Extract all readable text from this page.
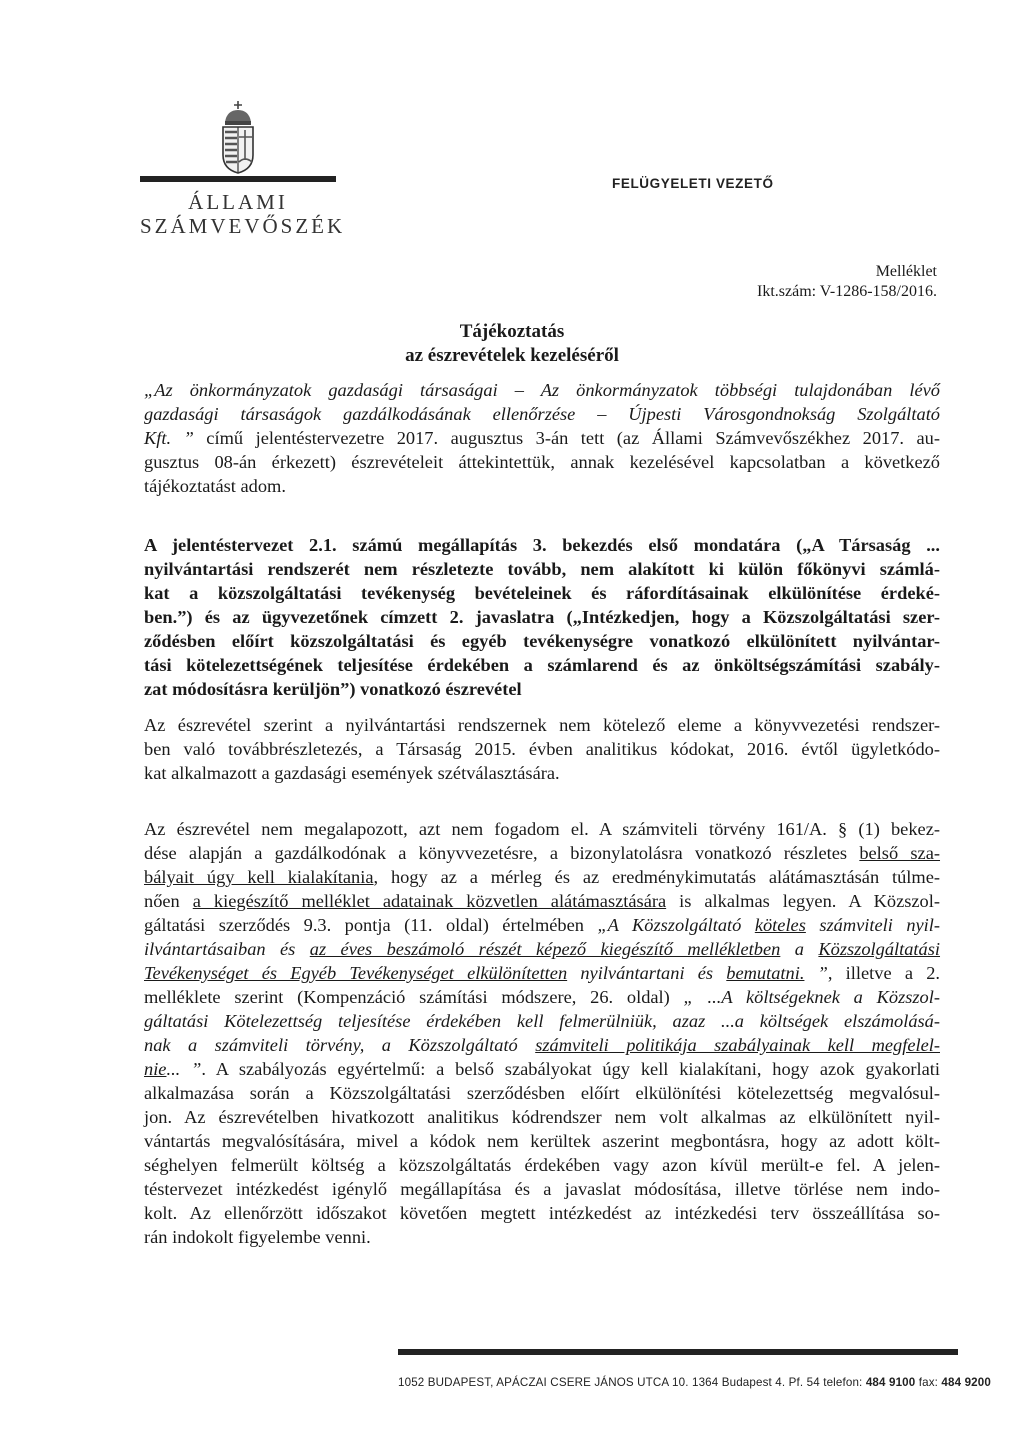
ÁLLAMI
SZÁMVEVŐSZÉK
FELÜGYELETI VEZETŐ
Melléklet
Ikt.szám: V-1286-158/2016.
Tájékoztatás
az észrevételek kezeléséről
„Az önkormányzatok gazdasági társaságai – Az önkormányzatok többségi tulajdonában lévő
gazdasági társaságok gazdálkodásának ellenőrzése – Újpesti Városgondnokság Szolgáltató
Kft. ” című jelentéstervezetre 2017. augusztus 3-án tett (az Állami Számvevőszékhez 2017. au-
gusztus 08-án érkezett) észrevételeit áttekintettük, annak kezelésével kapcsolatban a következő
tájékoztatást adom.
A jelentéstervezet 2.1. számú megállapítás 3. bekezdés első mondatára („A Társaság ...
nyilvántartási rendszerét nem részletezte tovább, nem alakított ki külön főkönyvi számlá-
kat a közszolgáltatási tevékenység bevételeinek és ráfordításainak elkülönítése érdeké-
ben.”) és az ügyvezetőnek címzett 2. javaslatra („Intézkedjen, hogy a Közszolgáltatási szer-
ződésben előírt közszolgáltatási és egyéb tevékenységre vonatkozó elkülönített nyilvántar-
tási kötelezettségének teljesítése érdekében a számlarend és az önköltségszámítási szabály-
zat módosításra kerüljön”) vonatkozó észrevétel
Az észrevétel szerint a nyilvántartási rendszernek nem kötelező eleme a könyvvezetési rendszer-
ben való továbbrészletezés, a Társaság 2015. évben analitikus kódokat, 2016. évtől ügyletkódo-
kat alkalmazott a gazdasági események szétválasztására.
Az észrevétel nem megalapozott, azt nem fogadom el. A számviteli törvény 161/A. § (1) bekez-
dése alapján a gazdálkodónak a könyvvezetésre, a bizonylatolásra vonatkozó részletes belső sza-
bályait úgy kell kialakítania, hogy az a mérleg és az eredménykimutatás alátámasztásán túlme-
nően a kiegészítő melléklet adatainak közvetlen alátámasztására is alkalmas legyen. A Közszol-
gáltatási szerződés 9.3. pontja (11. oldal) értelmében „A Közszolgáltató köteles számviteli nyil-
ilvántartásaiban és az éves beszámoló részét képező kiegészítő mellékletben a Közszolgáltatási
Tevékenységet és Egyéb Tevékenységet elkülönítetten nyilvántartani és bemutatni. ”, illetve a 2.
melléklete szerint (Kompenzáció számítási módszere, 26. oldal) „ ...A költségeknek a Közszol-
gáltatási Kötelezettség teljesítése érdekében kell felmerülniük, azaz ...a költségek elszámolásá-
nak a számviteli törvény, a Közszolgáltató számviteli politikája szabályainak kell megfelel-
nie... ”. A szabályozás egyértelmű: a belső szabályokat úgy kell kialakítani, hogy azok gyakorlati
alkalmazása során a Közszolgáltatási szerződésben előírt elkülönítési kötelezettség megvalósul-
jon. Az észrevételben hivatkozott analitikus kódrendszer nem volt alkalmas az elkülönített nyil-
vántartás megvalósítására, mivel a kódok nem kerültek aszerint megbontásra, hogy az adott költ-
séghelyen felmerült költség a közszolgáltatás érdekében vagy azon kívül merült-e fel. A jelen-
téstervezet intézkedést igénylő megállapítása és a javaslat módosítása, illetve törlése nem indo-
kolt. Az ellenőrzött időszakot követően megtett intézkedést az intézkedési terv összeállítása so-
rán indokolt figyelembe venni.
1052 BUDAPEST, APÁCZAI CSERE JÁNOS UTCA 10. 1364 Budapest 4. Pf. 54 telefon: 484 9100 fax: 484 9200
